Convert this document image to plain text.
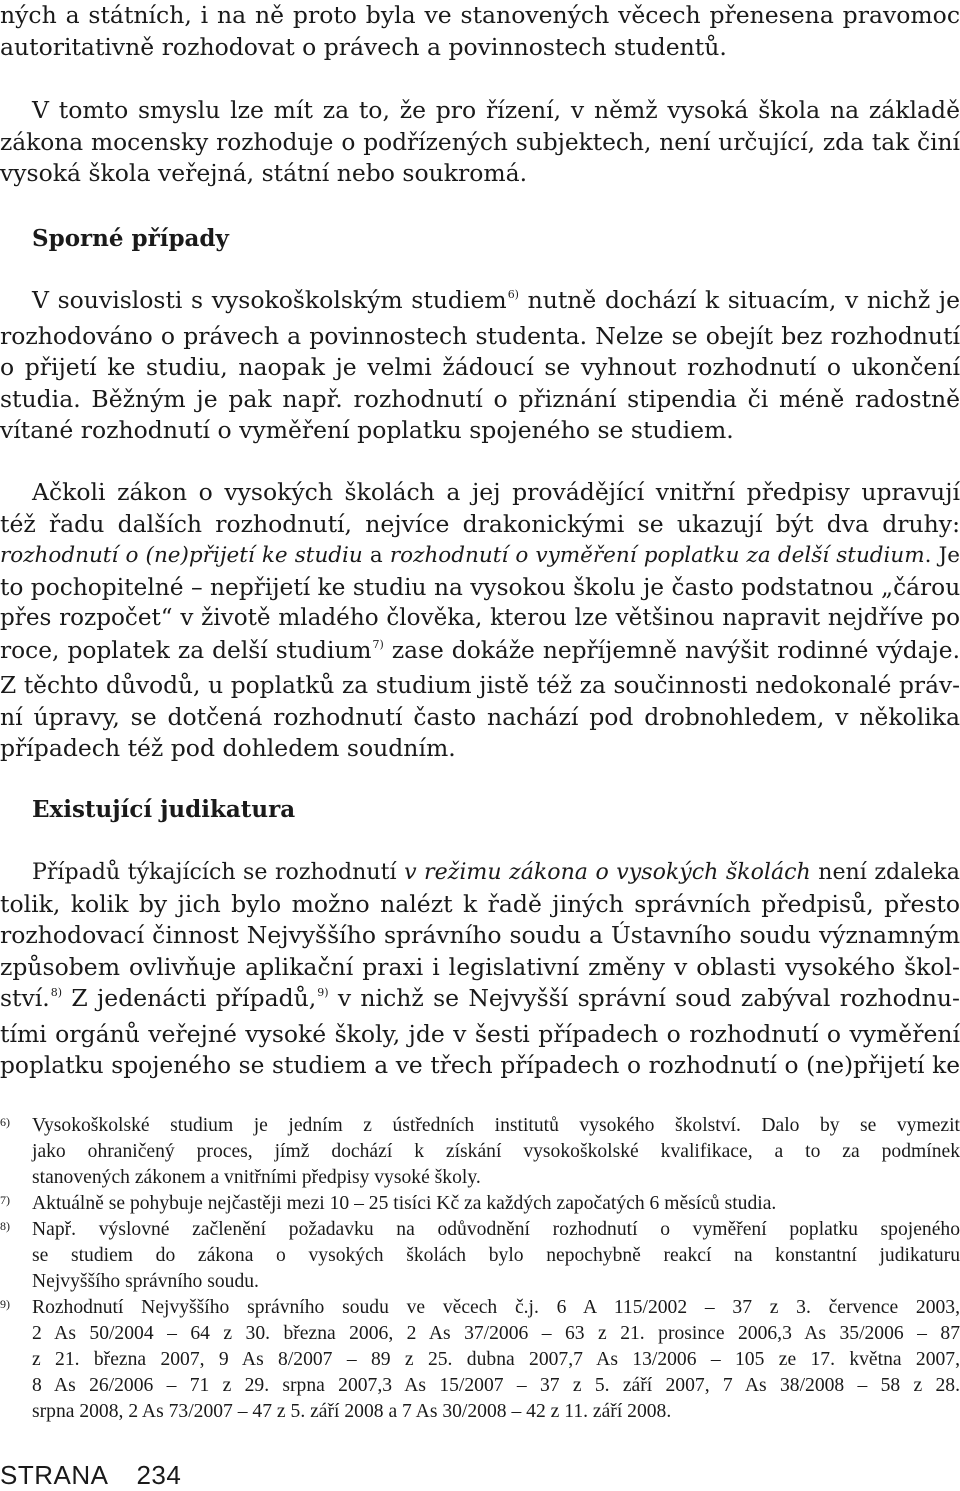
ných a státních, i na ně proto byla ve stanovených věcech přenesena pravomoc
autoritativně rozhodovat o právech a povinnostech studentů.
V tomto smyslu lze mít za to, že pro řízení, v němž vysoká škola na základě
zákona mocensky rozhoduje o podřízených subjektech, není určující, zda tak činí
vysoká škola veřejná, státní nebo soukromá.
Sporné případy
V souvislosti s vysokoškolským studiem$^{6)}$ nutně dochází k situacím, v nichž je
rozhodováno o právech a povinnostech studenta. Nelze se obejít bez rozhodnutí
o přijetí ke studiu, naopak je velmi žádoucí se vyhnout rozhodnutí o ukončení
studia. Běžným je pak např. rozhodnutí o přiznání stipendia či méně radostně
vítané rozhodnutí o vyměření poplatku spojeného se studiem.
Ačkoli zákon o vysokých školách a jej provádějící vnitřní předpisy upravují
též řadu dalších rozhodnutí, nejvíce drakonickými se ukazují být dva druhy:
rozhodnutí o (ne)přijetí ke studiu a rozhodnutí o vyměření poplatku za delší studium. Je
to pochopitelné – nepřijetí ke studiu na vysokou školu je často podstatnou „čárou
přes rozpočet“ v životě mladého člověka, kterou lze většinou napravit nejdříve po
roce, poplatek za delší studium$^{7)}$ zase dokáže nepříjemně navýšit rodinné výdaje.
Z těchto důvodů, u poplatků za studium jistě též za součinnosti nedokonalé práv-
ní úpravy, se dotčená rozhodnutí často nachází pod drobnohledem, v několika
případech též pod dohledem soudním.
Existující judikatura
Případů týkajících se rozhodnutí v režimu zákona o vysokých školách není zdaleka
tolik, kolik by jich bylo možno nalézt k řadě jiných správních předpisů, přesto
rozhodovací činnost Nejvyššího správního soudu a Ústavního soudu významným
způsobem ovlivňuje aplikační praxi i legislativní změny v oblasti vysokého škol-
ství.$^{8)}$ Z jedenácti případů,$^{9)}$ v nichž se Nejvyšší správní soud zabýval rozhodnu-
tími orgánů veřejné vysoké školy, jde v šesti případech o rozhodnutí o vyměření
poplatku spojeného se studiem a ve třech případech o rozhodnutí o (ne)přijetí ke
6) Vysokoškolské studium je jedním z ústředních institutů vysokého školství. Dalo by se vymezit
jako ohraničený proces, jímž dochází k získání vysokoškolské kvalifikace, a to za podmínek
stanovených zákonem a vnitřními předpisy vysoké školy.
7) Aktuálně se pohybuje nejčastěji mezi 10 – 25 tisíci Kč za každých započatých 6 měsíců studia.
8) Např. výslovné začlenění požadavku na odůvodnění rozhodnutí o vyměření poplatku spojeného
se studiem do zákona o vysokých školách bylo nepochybně reakcí na konstantní judikaturu
Nejvyššího správního soudu.
9) Rozhodnutí Nejvyššího správního soudu ve věcech č.j. 6 A 115/2002 – 37 z 3. července 2003,
2 As 50/2004 – 64 z 30. března 2006, 2 As 37/2006 – 63 z 21. prosince 2006,3 As 35/2006 – 87
z 21. března 2007, 9 As 8/2007 – 89 z 25. dubna 2007,7 As 13/2006 – 105 ze 17. května 2007,
8 As 26/2006 – 71 z 29. srpna 2007,3 As 15/2007 – 37 z 5. září 2007, 7 As 38/2008 – 58 z 28.
srpna 2008, 2 As 73/2007 – 47 z 5. září 2008 a 7 As 30/2008 – 42 z 11. září 2008.
STRANA 234
